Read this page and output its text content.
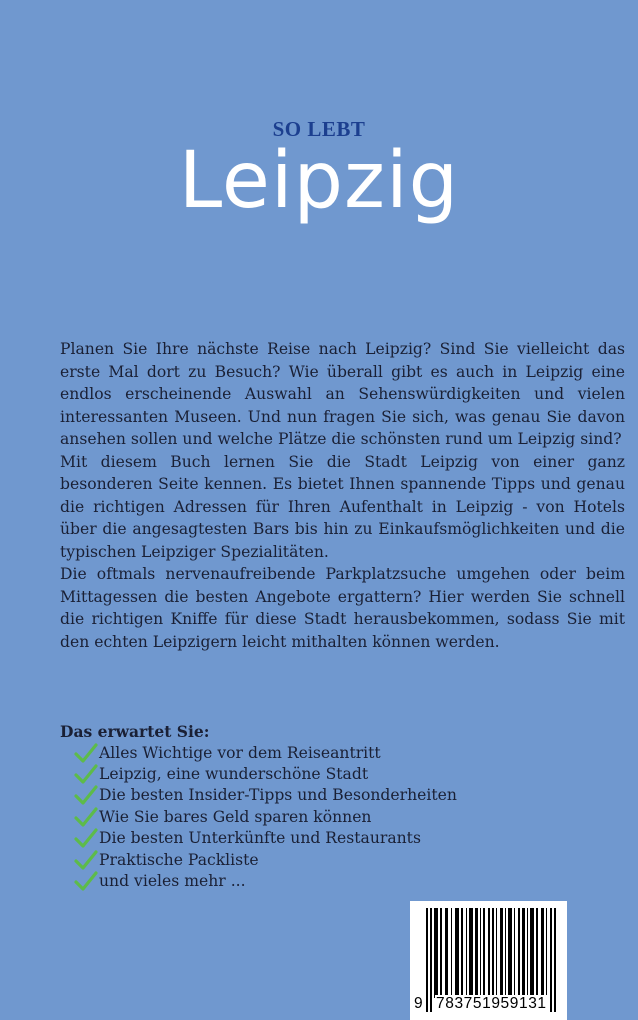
SO LEBT
Leipzig

Planen Sie Ihre nächste Reise nach Leipzig? Sind Sie vielleicht das erste Mal dort zu Besuch? Wie überall gibt es auch in Leipzig eine endlos erscheinende Auswahl an Sehenswürdigkeiten und vielen interessanten Museen. Und nun fragen Sie sich, was genau Sie davon ansehen sollen und welche Plätze die schönsten rund um Leipzig sind?

Mit diesem Buch lernen Sie die Stadt Leipzig von einer ganz besonderen Seite kennen. Es bietet Ihnen spannende Tipps und genau die richtigen Adressen für Ihren Aufenthalt in Leipzig - von Hotels über die angesagtesten Bars bis hin zu Einkaufsmöglichkeiten und die typischen Leipziger Spezialitäten.

Die oftmals nervenaufreibende Parkplatzsuche umgehen oder beim Mittagessen die besten Angebote ergattern? Hier werden Sie schnell die richtigen Kniffe für diese Stadt herausbekommen, sodass Sie mit den echten Leipzigern leicht mithalten können werden.

Das erwartet Sie:
Alles Wichtige vor dem Reiseantritt
Leipzig, eine wunderschöne Stadt
Die besten Insider-Tipps und Besonderheiten
Wie Sie bares Geld sparen können
Die besten Unterkünfte und Restaurants
Praktische Packliste
und vieles mehr ...
9 783751959131
